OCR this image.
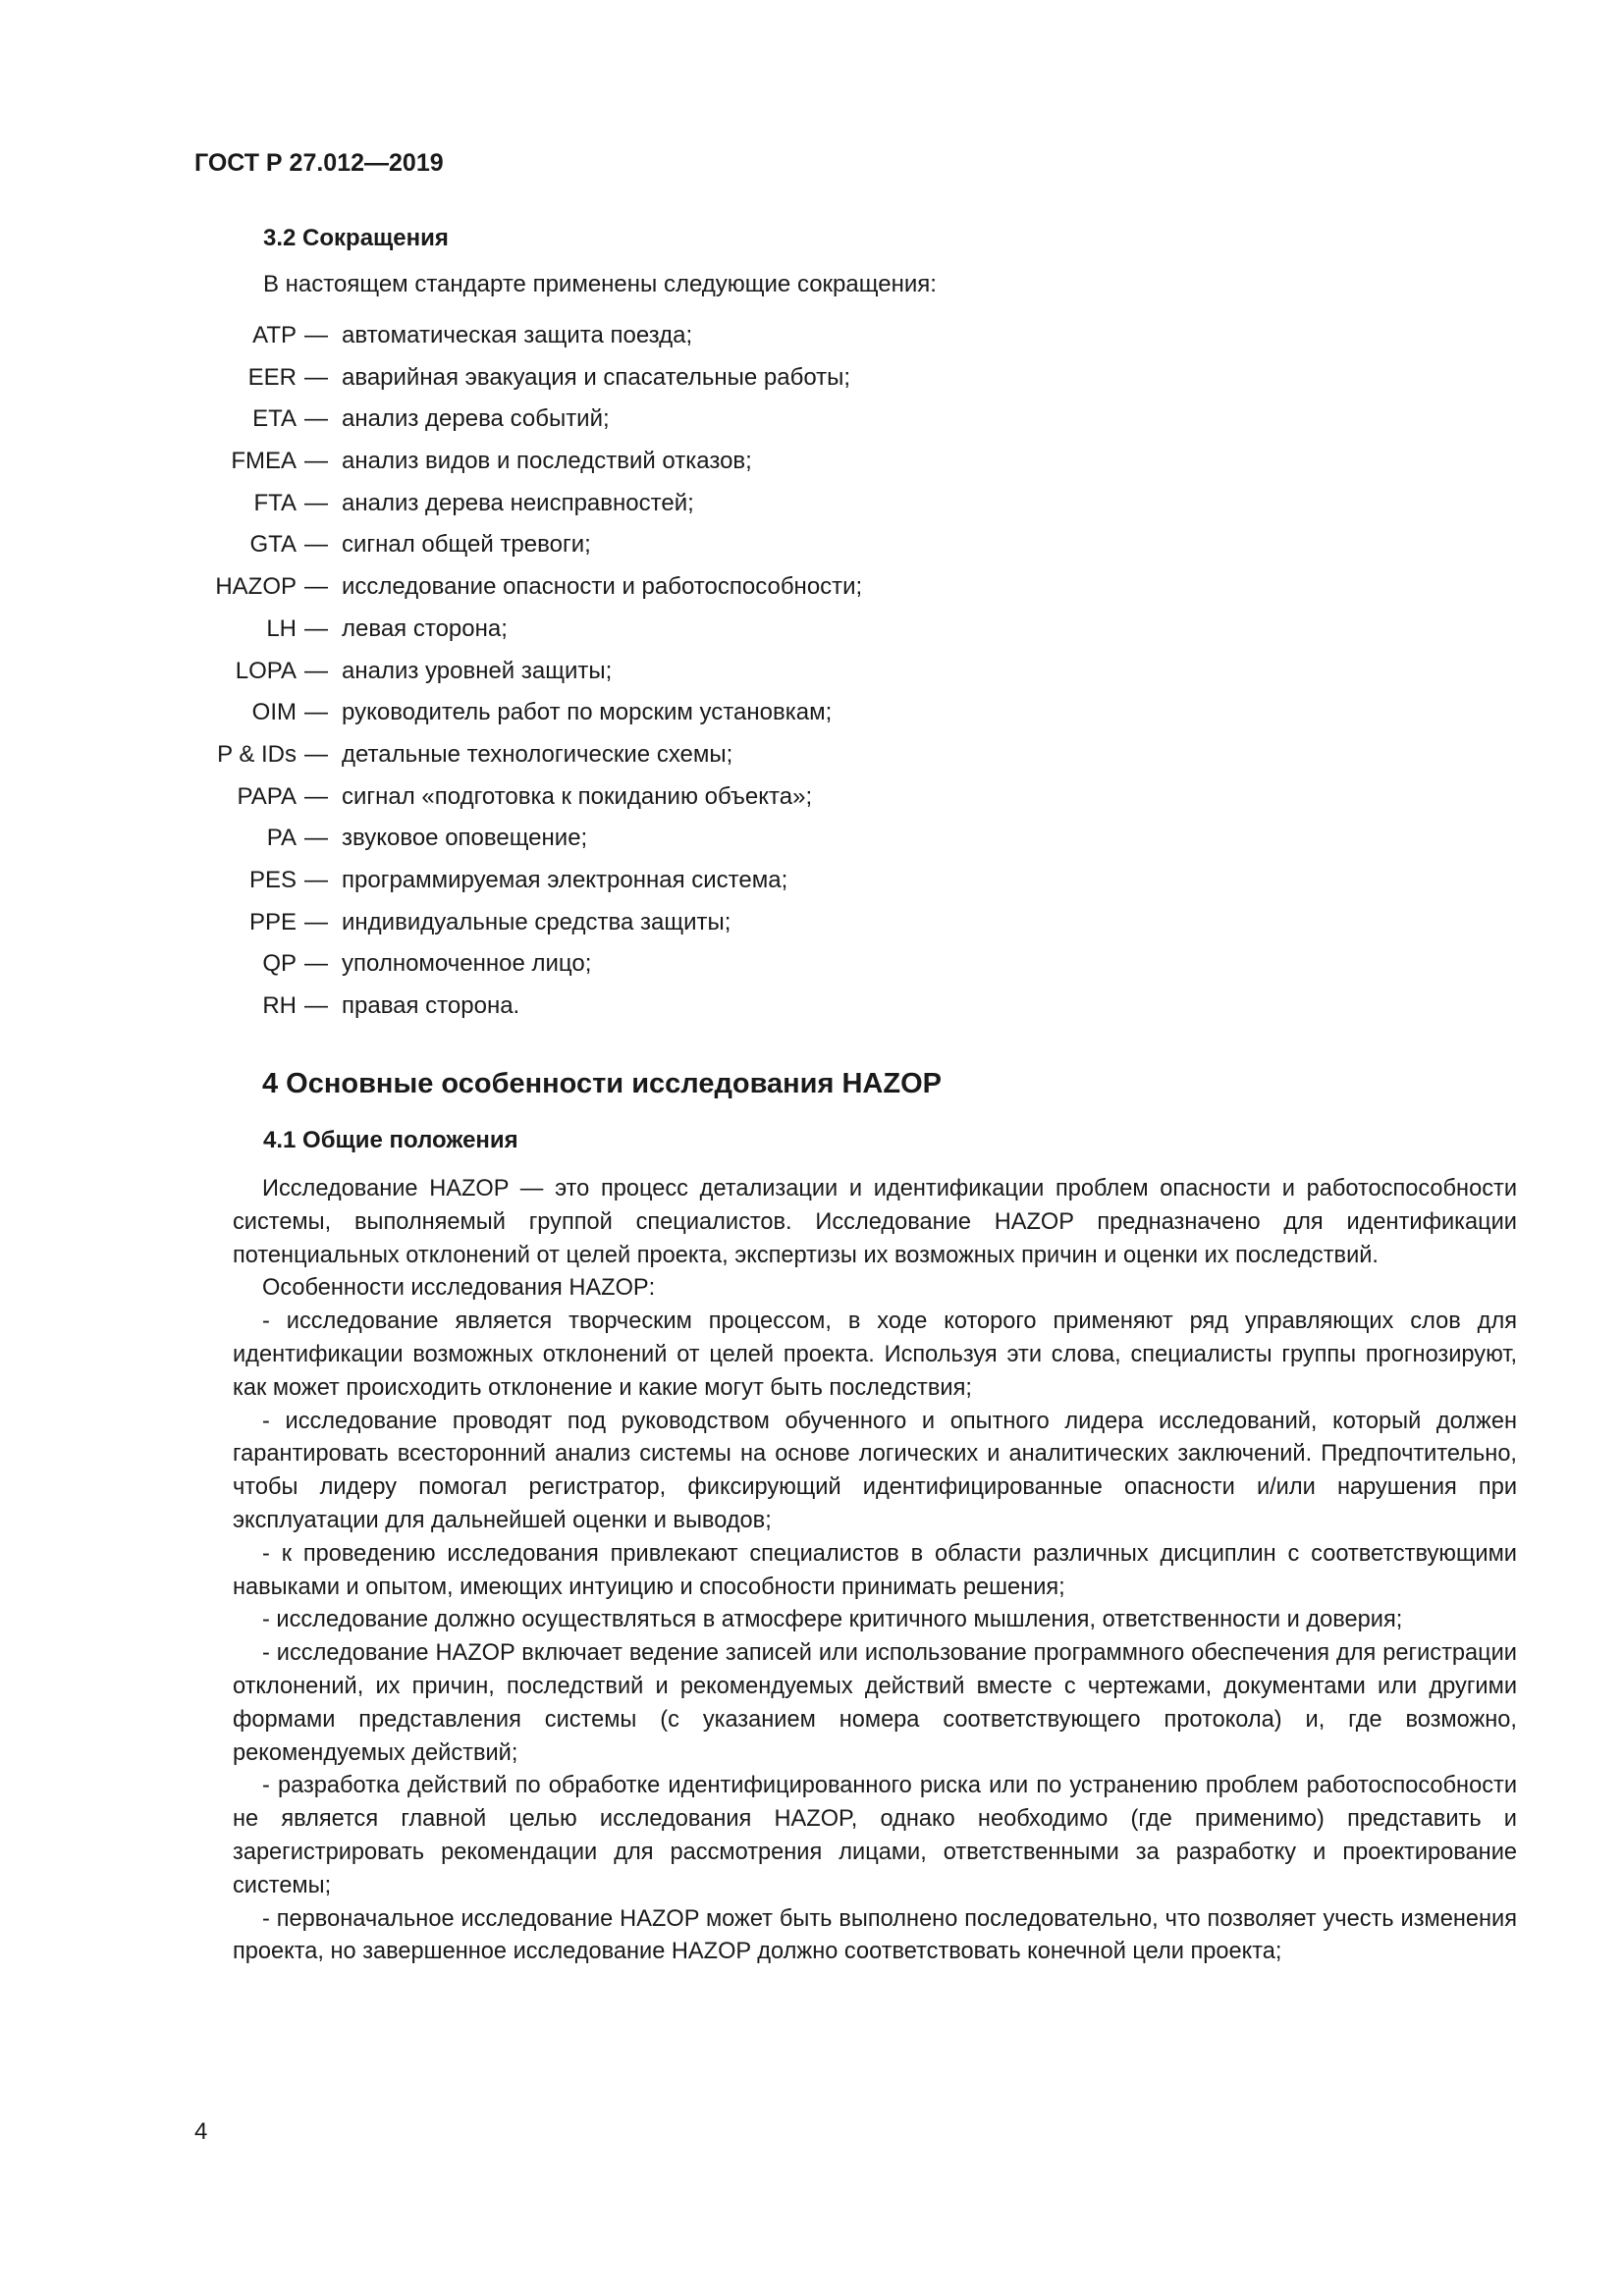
ГОСТ Р 27.012—2019
3.2 Сокращения
В настоящем стандарте применены следующие сокращения:
ATP — автоматическая защита поезда;
EER — аварийная эвакуация и спасательные работы;
ETA — анализ дерева событий;
FMEA — анализ видов и последствий отказов;
FTA — анализ дерева неисправностей;
GTA — сигнал общей тревоги;
HAZOP — исследование опасности и работоспособности;
LH — левая сторона;
LOPA — анализ уровней защиты;
OIM — руководитель работ по морским установкам;
P & IDs — детальные технологические схемы;
PAPA — сигнал «подготовка к покиданию объекта»;
PA — звуковое оповещение;
PES — программируемая электронная система;
PPE — индивидуальные средства защиты;
QP — уполномоченное лицо;
RH — правая сторона.
4 Основные особенности исследования HAZOP
4.1 Общие положения

Исследование HAZOP — это процесс детализации и идентификации проблем опасности и работоспособности системы, выполняемый группой специалистов. Исследование HAZOP предназначено для идентификации потенциальных отклонений от целей проекта, экспертизы их возможных причин и оценки их последствий.

Особенности исследования HAZOP:

- исследование является творческим процессом, в ходе которого применяют ряд управляющих слов для идентификации возможных отклонений от целей проекта. Используя эти слова, специалисты группы прогнозируют, как может происходить отклонение и какие могут быть последствия;

- исследование проводят под руководством обученного и опытного лидера исследований, который должен гарантировать всесторонний анализ системы на основе логических и аналитических заключений. Предпочтительно, чтобы лидеру помогал регистратор, фиксирующий идентифицированные опасности и/или нарушения при эксплуатации для дальнейшей оценки и выводов;

- к проведению исследования привлекают специалистов в области различных дисциплин с соответствующими навыками и опытом, имеющих интуицию и способности принимать решения;

- исследование должно осуществляться в атмосфере критичного мышления, ответственности и доверия;

- исследование HAZOP включает ведение записей или использование программного обеспечения для регистрации отклонений, их причин, последствий и рекомендуемых действий вместе с чертежами, документами или другими формами представления системы (с указанием номера соответствующего протокола) и, где возможно, рекомендуемых действий;

- разработка действий по обработке идентифицированного риска или по устранению проблем работоспособности не является главной целью исследования HAZOP, однако необходимо (где применимо) представить и зарегистрировать рекомендации для рассмотрения лицами, ответственными за разработку и проектирование системы;

- первоначальное исследование HAZOP может быть выполнено последовательно, что позволяет учесть изменения проекта, но завершенное исследование HAZOP должно соответствовать конечной цели проекта;

4
